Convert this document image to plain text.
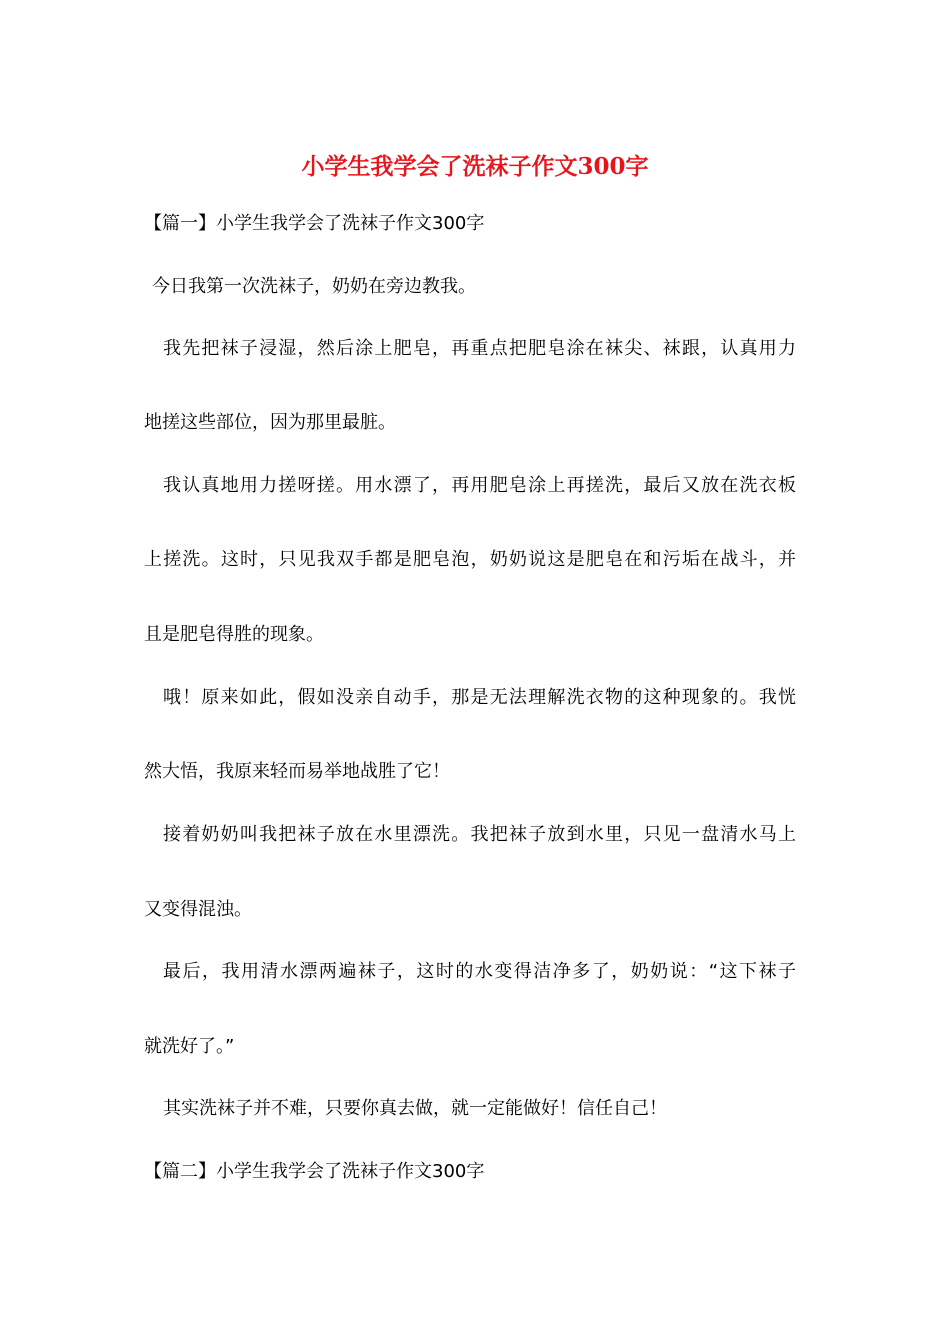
小学生我学会了洗袜子作文300字
【篇一】小学生我学会了洗袜子作文300字
今日我第一次洗袜子，奶奶在旁边教我。
我先把袜子浸湿，然后涂上肥皂，再重点把肥皂涂在袜尖、袜跟，认真用力
地搓这些部位，因为那里最脏。
我认真地用力搓呀搓。用水漂了，再用肥皂涂上再搓洗，最后又放在洗衣板
上搓洗。这时，只见我双手都是肥皂泡，奶奶说这是肥皂在和污垢在战斗，并
且是肥皂得胜的现象。
哦！原来如此，假如没亲自动手，那是无法理解洗衣物的这种现象的。我恍
然大悟，我原来轻而易举地战胜了它！
接着奶奶叫我把袜子放在水里漂洗。我把袜子放到水里，只见一盘清水马上
又变得混浊。
最后，我用清水漂两遍袜子，这时的水变得洁净多了，奶奶说：“这下袜子
就洗好了。”
其实洗袜子并不难，只要你真去做，就一定能做好！信任自己！
【篇二】小学生我学会了洗袜子作文300字
